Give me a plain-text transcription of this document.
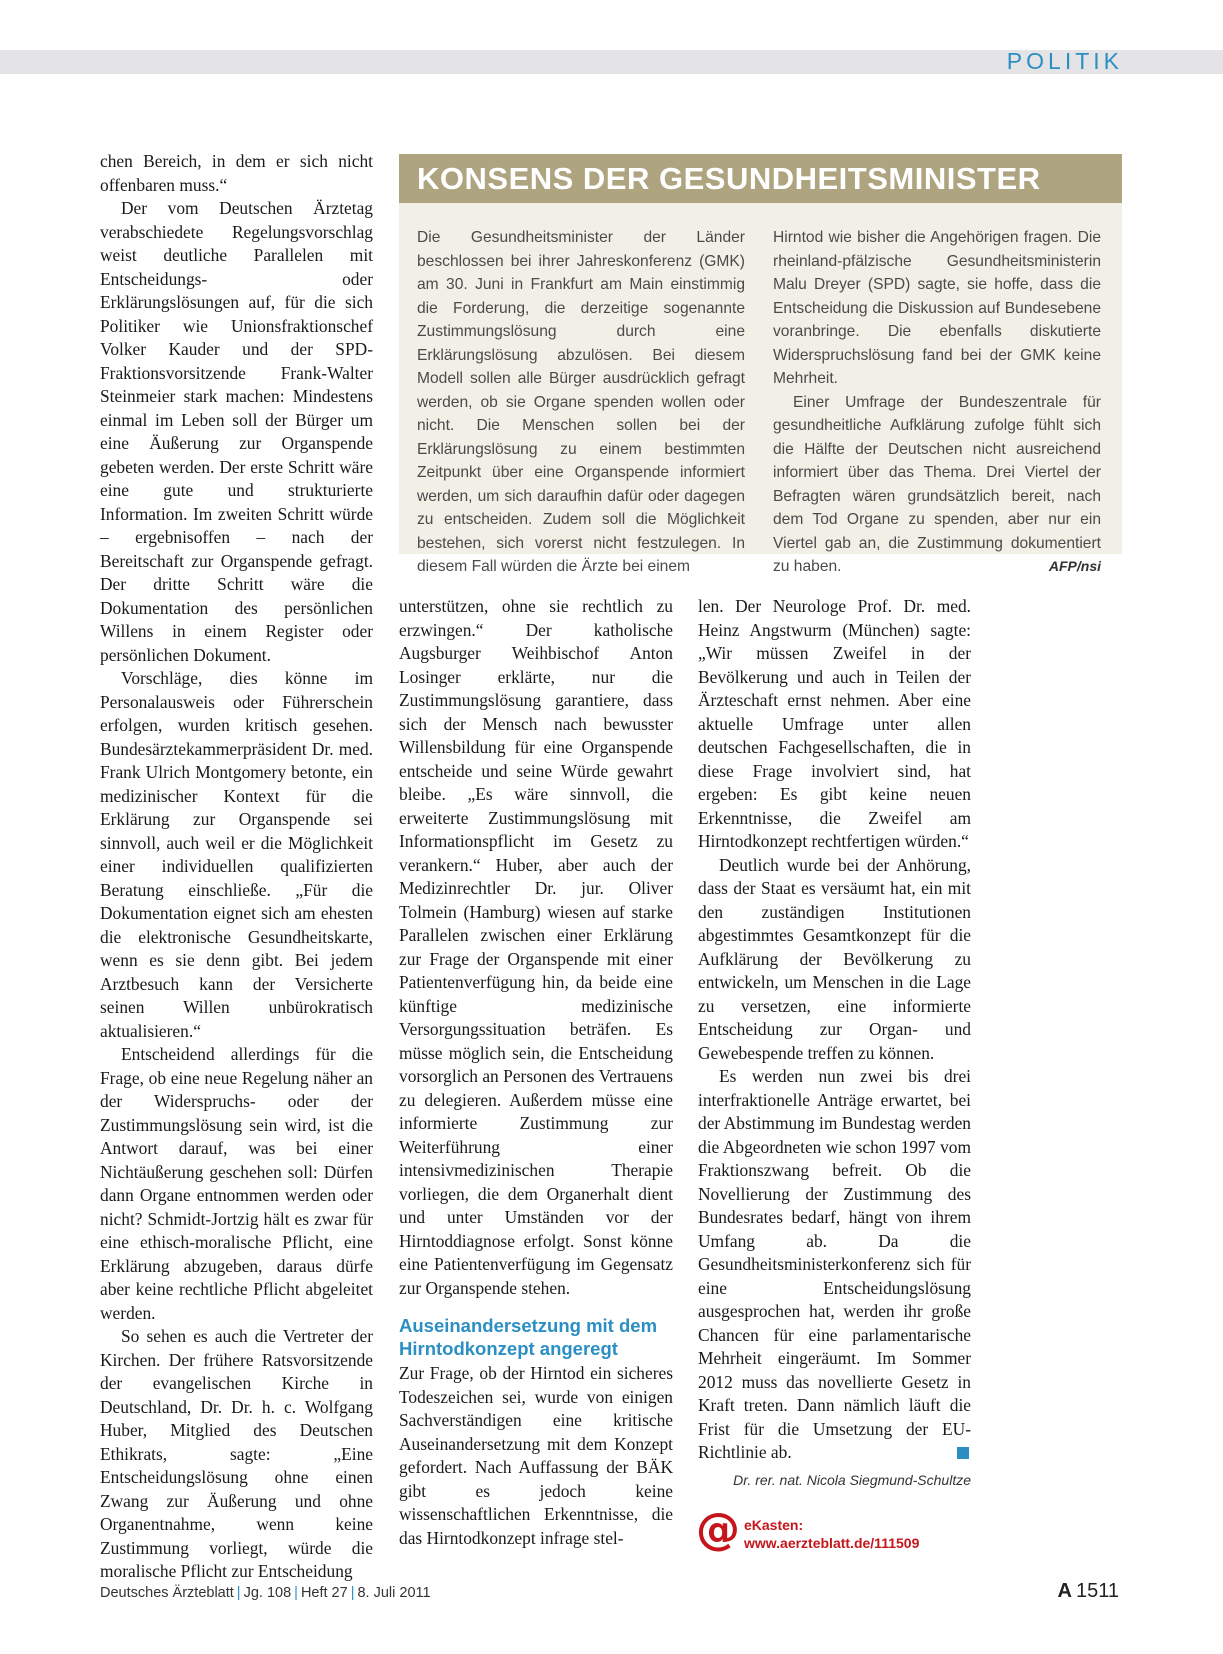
POLITIK

chen Bereich, in dem er sich nicht offenbaren muss.“

Der vom Deutschen Ärztetag verabschiedete Regelungsvorschlag weist deutliche Parallelen mit Entscheidungs- oder Erklärungslösungen auf, für die sich Politiker wie Unionsfraktionschef Volker Kauder und der SPD-Fraktionsvorsitzende Frank-Walter Steinmeier stark machen: Mindestens einmal im Leben soll der Bürger um eine Äußerung zur Organspende gebeten werden. Der erste Schritt wäre eine gute und strukturierte Information. Im zweiten Schritt würde – ergebnisoffen – nach der Bereitschaft zur Organspende gefragt. Der dritte Schritt wäre die Dokumentation des persönlichen Willens in einem Register oder persönlichen Dokument.

Vorschläge, dies könne im Personalausweis oder Führerschein erfolgen, wurden kritisch gesehen. Bundesärztekammerpräsident Dr. med. Frank Ulrich Montgomery betonte, ein medizinischer Kontext für die Erklärung zur Organspende sei sinnvoll, auch weil er die Möglichkeit einer individuellen qualifizierten Beratung einschließe. „Für die Dokumentation eignet sich am ehesten die elektronische Gesundheitskarte, wenn es sie denn gibt. Bei jedem Arztbesuch kann der Versicherte seinen Willen unbürokratisch aktualisieren.“

Entscheidend allerdings für die Frage, ob eine neue Regelung näher an der Widerspruchs- oder der Zustimmungslösung sein wird, ist die Antwort darauf, was bei einer Nichtäußerung geschehen soll: Dürfen dann Organe entnommen werden oder nicht? Schmidt-Jortzig hält es zwar für eine ethisch-moralische Pflicht, eine Erklärung abzugeben, daraus dürfe aber keine rechtliche Pflicht abgeleitet werden.

So sehen es auch die Vertreter der Kirchen. Der frühere Ratsvorsitzende der evangelischen Kirche in Deutschland, Dr. Dr. h. c. Wolfgang Huber, Mitglied des Deutschen Ethikrats, sagte: „Eine Entscheidungslösung ohne einen Zwang zur Äußerung und ohne Organentnahme, wenn keine Zustimmung vorliegt, würde die moralische Pflicht zur Entscheidung

KONSENS DER GESUNDHEITSMINISTER

Die Gesundheitsminister der Länder beschlossen bei ihrer Jahreskonferenz (GMK) am 30. Juni in Frankfurt am Main einstimmig die Forderung, die derzeitige sogenannte Zustimmungslösung durch eine Erklärungslösung abzulösen. Bei diesem Modell sollen alle Bürger ausdrücklich gefragt werden, ob sie Organe spenden wollen oder nicht. Die Menschen sollen bei der Erklärungslösung zu einem bestimmten Zeitpunkt über eine Organspende informiert werden, um sich daraufhin dafür oder dagegen zu entscheiden. Zudem soll die Möglichkeit bestehen, sich vorerst nicht festzulegen. In diesem Fall würden die Ärzte bei einem

Hirntod wie bisher die Angehörigen fragen. Die rheinland-pfälzische Gesundheitsministerin Malu Dreyer (SPD) sagte, sie hoffe, dass die Entscheidung die Diskussion auf Bundesebene voranbringe. Die ebenfalls diskutierte Widerspruchslösung fand bei der GMK keine Mehrheit.

Einer Umfrage der Bundeszentrale für gesundheitliche Aufklärung zufolge fühlt sich die Hälfte der Deutschen nicht ausreichend informiert über das Thema. Drei Viertel der Befragten wären grundsätzlich bereit, nach dem Tod Organe zu spenden, aber nur ein Viertel gab an, die Zustimmung dokumentiert zu haben.	AFP/nsi

unterstützen, ohne sie rechtlich zu erzwingen.“ Der katholische Augsburger Weihbischof Anton Losinger erklärte, nur die Zustimmungslösung garantiere, dass sich der Mensch nach bewusster Willensbildung für eine Organspende entscheide und seine Würde gewahrt bleibe. „Es wäre sinnvoll, die erweiterte Zustimmungslösung mit Informationspflicht im Gesetz zu verankern.“ Huber, aber auch der Medizinrechtler Dr. jur. Oliver Tolmein (Hamburg) wiesen auf starke Parallelen zwischen einer Erklärung zur Frage der Organspende mit einer Patientenverfügung hin, da beide eine künftige medizinische Versorgungssituation beträfen. Es müsse möglich sein, die Entscheidung vorsorglich an Personen des Vertrauens zu delegieren. Außerdem müsse eine informierte Zustimmung zur Weiterführung einer intensivmedizinischen Therapie vorliegen, die dem Organerhalt dient und unter Umständen vor der Hirntoddiagnose erfolgt. Sonst könne eine Patientenverfügung im Gegensatz zur Organspende stehen.

Auseinandersetzung mit dem Hirntodkonzept angeregt

Zur Frage, ob der Hirntod ein sicheres Todeszeichen sei, wurde von einigen Sachverständigen eine kritische Auseinandersetzung mit dem Konzept gefordert. Nach Auffassung der BÄK gibt es jedoch keine wissenschaftlichen Erkenntnisse, die das Hirntodkonzept infrage stel-

len. Der Neurologe Prof. Dr. med. Heinz Angstwurm (München) sagte: „Wir müssen Zweifel in der Bevölkerung und auch in Teilen der Ärzteschaft ernst nehmen. Aber eine aktuelle Umfrage unter allen deutschen Fachgesellschaften, die in diese Frage involviert sind, hat ergeben: Es gibt keine neuen Erkenntnisse, die Zweifel am Hirntodkonzept rechtfertigen würden.“

Deutlich wurde bei der Anhörung, dass der Staat es versäumt hat, ein mit den zuständigen Institutionen abgestimmtes Gesamtkonzept für die Aufklärung der Bevölkerung zu entwickeln, um Menschen in die Lage zu versetzen, eine informierte Entscheidung zur Organ- und Gewebespende treffen zu können.

Es werden nun zwei bis drei interfraktionelle Anträge erwartet, bei der Abstimmung im Bundestag werden die Abgeordneten wie schon 1997 vom Fraktionszwang befreit. Ob die Novellierung der Zustimmung des Bundesrates bedarf, hängt von ihrem Umfang ab. Da die Gesundheitsministerkonferenz sich für eine Entscheidungslösung ausgesprochen hat, werden ihr große Chancen für eine parlamentarische Mehrheit eingeräumt. Im Sommer 2012 muss das novellierte Gesetz in Kraft treten. Dann nämlich läuft die Frist für die Umsetzung der EU-Richtlinie ab.

Dr. rer. nat. Nicola Siegmund-Schultze
@ eKasten:
www.aerzteblatt.de/111509
Deutsches Ärzteblatt | Jg. 108 | Heft 27 | 8. Juli 2011	A 1511
